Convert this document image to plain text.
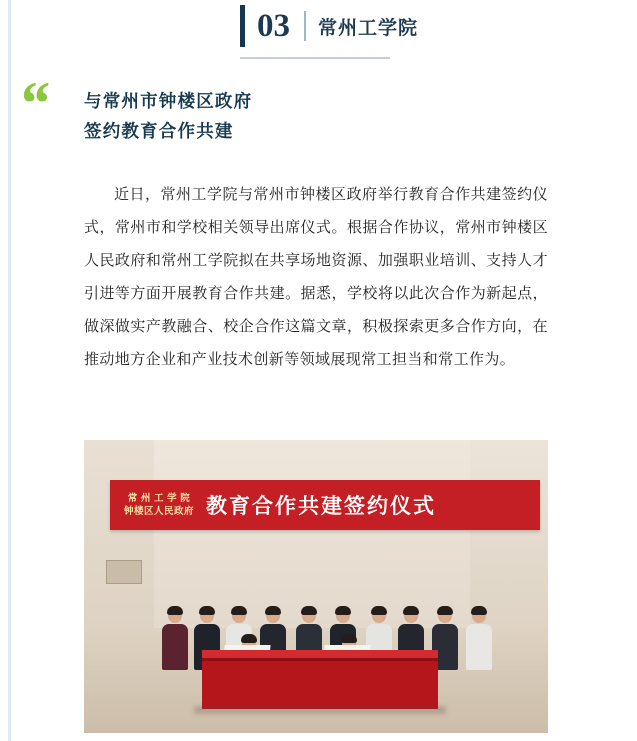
03 常州工学院
“ 与常州市钟楼区政府
签约教育合作共建
近日，常州工学院与常州市钟楼区政府举行教育合作共建签约仪式，常州市和学校相关领导出席仪式。根据合作协议，常州市钟楼区人民政府和常州工学院拟在共享场地资源、加强职业培训、支持人才引进等方面开展教育合作共建。据悉，学校将以此次合作为新起点，做深做实产教融合、校企合作这篇文章，积极探索更多合作方向，在推动地方企业和产业技术创新等领域展现常工担当和常工作为。
常 州 工 学 院
钟楼区人民政府 教育合作共建签约仪式
